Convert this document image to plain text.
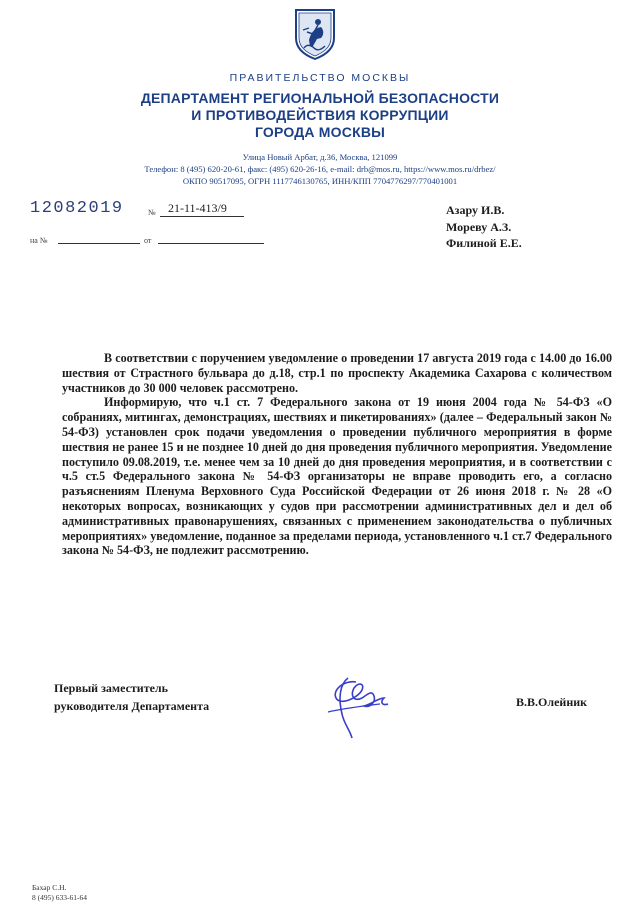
ПРАВИТЕЛЬСТВО МОСКВЫ
ДЕПАРТАМЕНТ РЕГИОНАЛЬНОЙ БЕЗОПАСНОСТИ
И ПРОТИВОДЕЙСТВИЯ КОРРУПЦИИ
ГОРОДА МОСКВЫ
Улица Новый Арбат, д.36, Москва, 121099
Телефон: 8 (495) 620-20-61, факс: (495) 620-26-16, e-mail: drb@mos.ru, https://www.mos.ru/drbez/
ОКПО 90517095, ОГРН 1117746130765, ИНН/КПП 7704776297/770401001
12082019	№ 21-11-413/9
на №	от
Азару И.В.
Мореву А.З.
Филиной Е.Е.

В соответствии с поручением уведомление о проведении 17 августа 2019 года с 14.00 до 16.00 шествия от Страстного бульвара до д.18, стр.1 по проспекту Академика Сахарова с количеством участников до 30 000 человек рассмотрено.

Информирую, что ч.1 ст. 7 Федерального закона от 19 июня 2004 года № 54-ФЗ «О собраниях, митингах, демонстрациях, шествиях и пикетированиях» (далее – Федеральный закон № 54-ФЗ) установлен срок подачи уведомления о проведении публичного мероприятия в форме шествия не ранее 15 и не позднее 10 дней до дня проведения публичного мероприятия. Уведомление поступило 09.08.2019, т.е. менее чем за 10 дней до дня проведения мероприятия, и в соответствии с ч.5 ст.5 Федерального закона № 54-ФЗ организаторы не вправе проводить его, а согласно разъяснениям Пленума Верховного Суда Российской Федерации от 26 июня 2018 г. № 28 «О некоторых вопросах, возникающих у судов при рассмотрении административных дел и дел об административных правонарушениях, связанных с применением законодательства о публичных мероприятиях» уведомление, поданное за пределами периода, установленного ч.1 ст.7 Федерального закона № 54-ФЗ, не подлежит рассмотрению.

Первый заместитель
руководителя Департамента	В.В.Олейник
Бахар С.Н.
8 (495) 633-61-64
